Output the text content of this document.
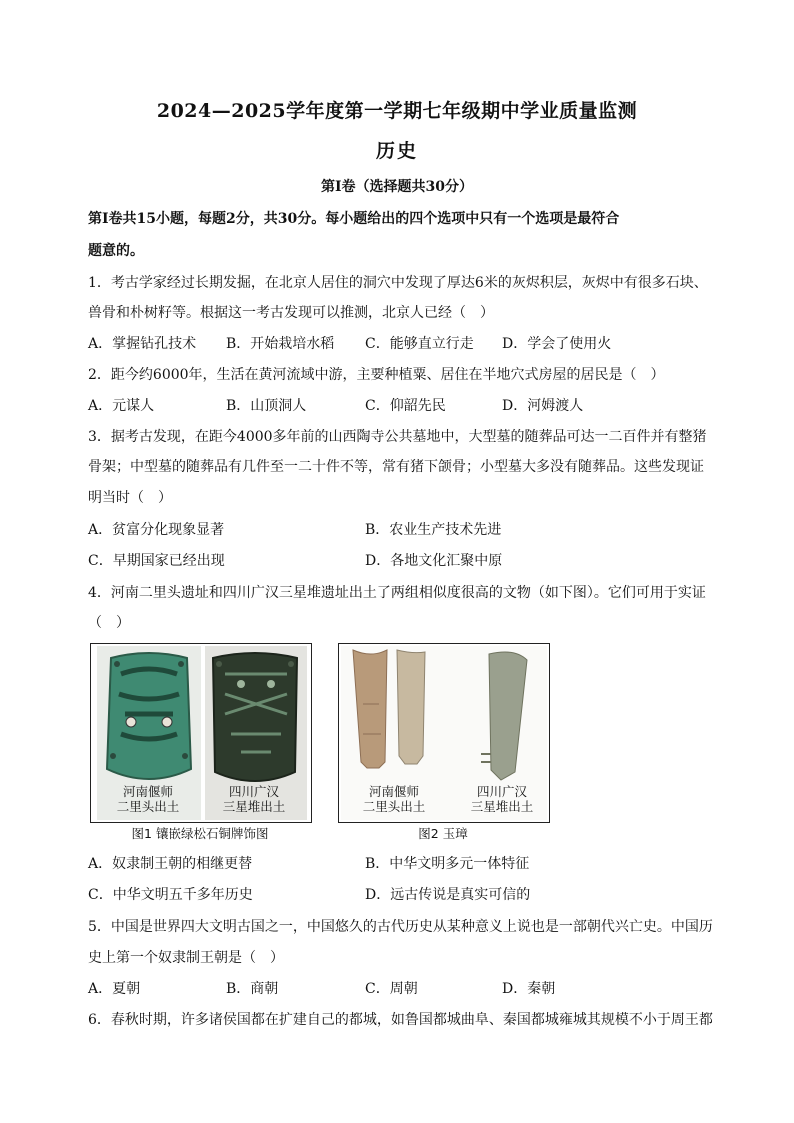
2024—2025学年度第一学期七年级期中学业质量监测
历史
第Ⅰ卷（选择题共30分）
第Ⅰ卷共15小题，每题2分，共30分。每小题给出的四个选项中只有一个选项是最符合
题意的。
1．考古学家经过长期发掘，在北京人居住的洞穴中发现了厚达6米的灰烬积层，灰烬中有很多石块、
兽骨和朴树籽等。根据这一考古发现可以推测，北京人已经（　）
A．掌握钻孔技术 B．开始栽培水稻 C．能够直立行走 D．学会了使用火
2．距今约6000年，生活在黄河流域中游，主要种植粟、居住在半地穴式房屋的居民是（　）
A．元谋人	B．山顶洞人	C．仰韶先民	D．河姆渡人
3．据考古发现，在距今4000多年前的山西陶寺公共墓地中，大型墓的随葬品可达一二百件并有整猪
骨架；中型墓的随葬品有几件至一二十件不等，常有猪下颌骨；小型墓大多没有随葬品。这些发现证
明当时（　）
A．贫富分化现象显著	B．农业生产技术先进
C．早期国家已经出现	D．各地文化汇聚中原
4．河南二里头遗址和四川广汉三星堆遗址出土了两组相似度很高的文物（如下图）。它们可用于实证
（　）
河南偃师
二里头出土
四川广汉
三星堆出土
图1 镶嵌绿松石铜牌饰图
河南偃师
二里头出土
四川广汉
三星堆出土
图2 玉璋
A．奴隶制王朝的相继更替	B．中华文明多元一体特征
C．中华文明五千多年历史	D．远古传说是真实可信的
5．中国是世界四大文明古国之一，中国悠久的古代历史从某种意义上说也是一部朝代兴亡史。中国历
史上第一个奴隶制王朝是（　）
A．夏朝	B．商朝	C．周朝	D．秦朝
6．春秋时期，许多诸侯国都在扩建自己的都城，如鲁国都城曲阜、秦国都城雍城其规模不小于周王都
